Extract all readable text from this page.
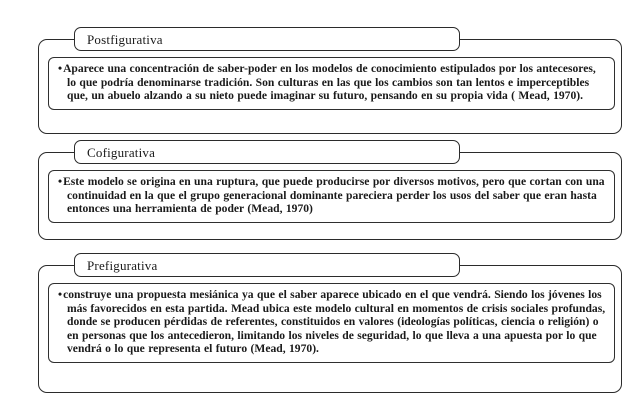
Postfigurativa
•Aparece una concentración de saber-poder en los modelos de conocimiento estipulados por los antecesores, lo que podría denominarse tradición. Son culturas en las que los cambios son tan lentos e imperceptibles que, un abuelo alzando a su nieto puede imaginar su futuro, pensando en su propia vida ( Mead, 1970).
Cofigurativa
•Este modelo se origina en una ruptura, que puede producirse por diversos motivos, pero que cortan con una continuidad en la que el grupo generacional dominante pareciera perder los usos del saber que eran hasta entonces una herramienta de poder (Mead, 1970)
Prefigurativa
•construye una propuesta mesiánica ya que el saber aparece ubicado en el que vendrá. Siendo los jóvenes los más favorecidos en esta partida. Mead ubica este modelo cultural en momentos de crisis sociales profundas, donde se producen pérdidas de referentes, constituidos en valores (ideologías políticas, ciencia o religión) o en personas que los antecedieron, limitando los niveles de seguridad, lo que lleva a una apuesta por lo que vendrá o lo que representa el futuro (Mead, 1970).
